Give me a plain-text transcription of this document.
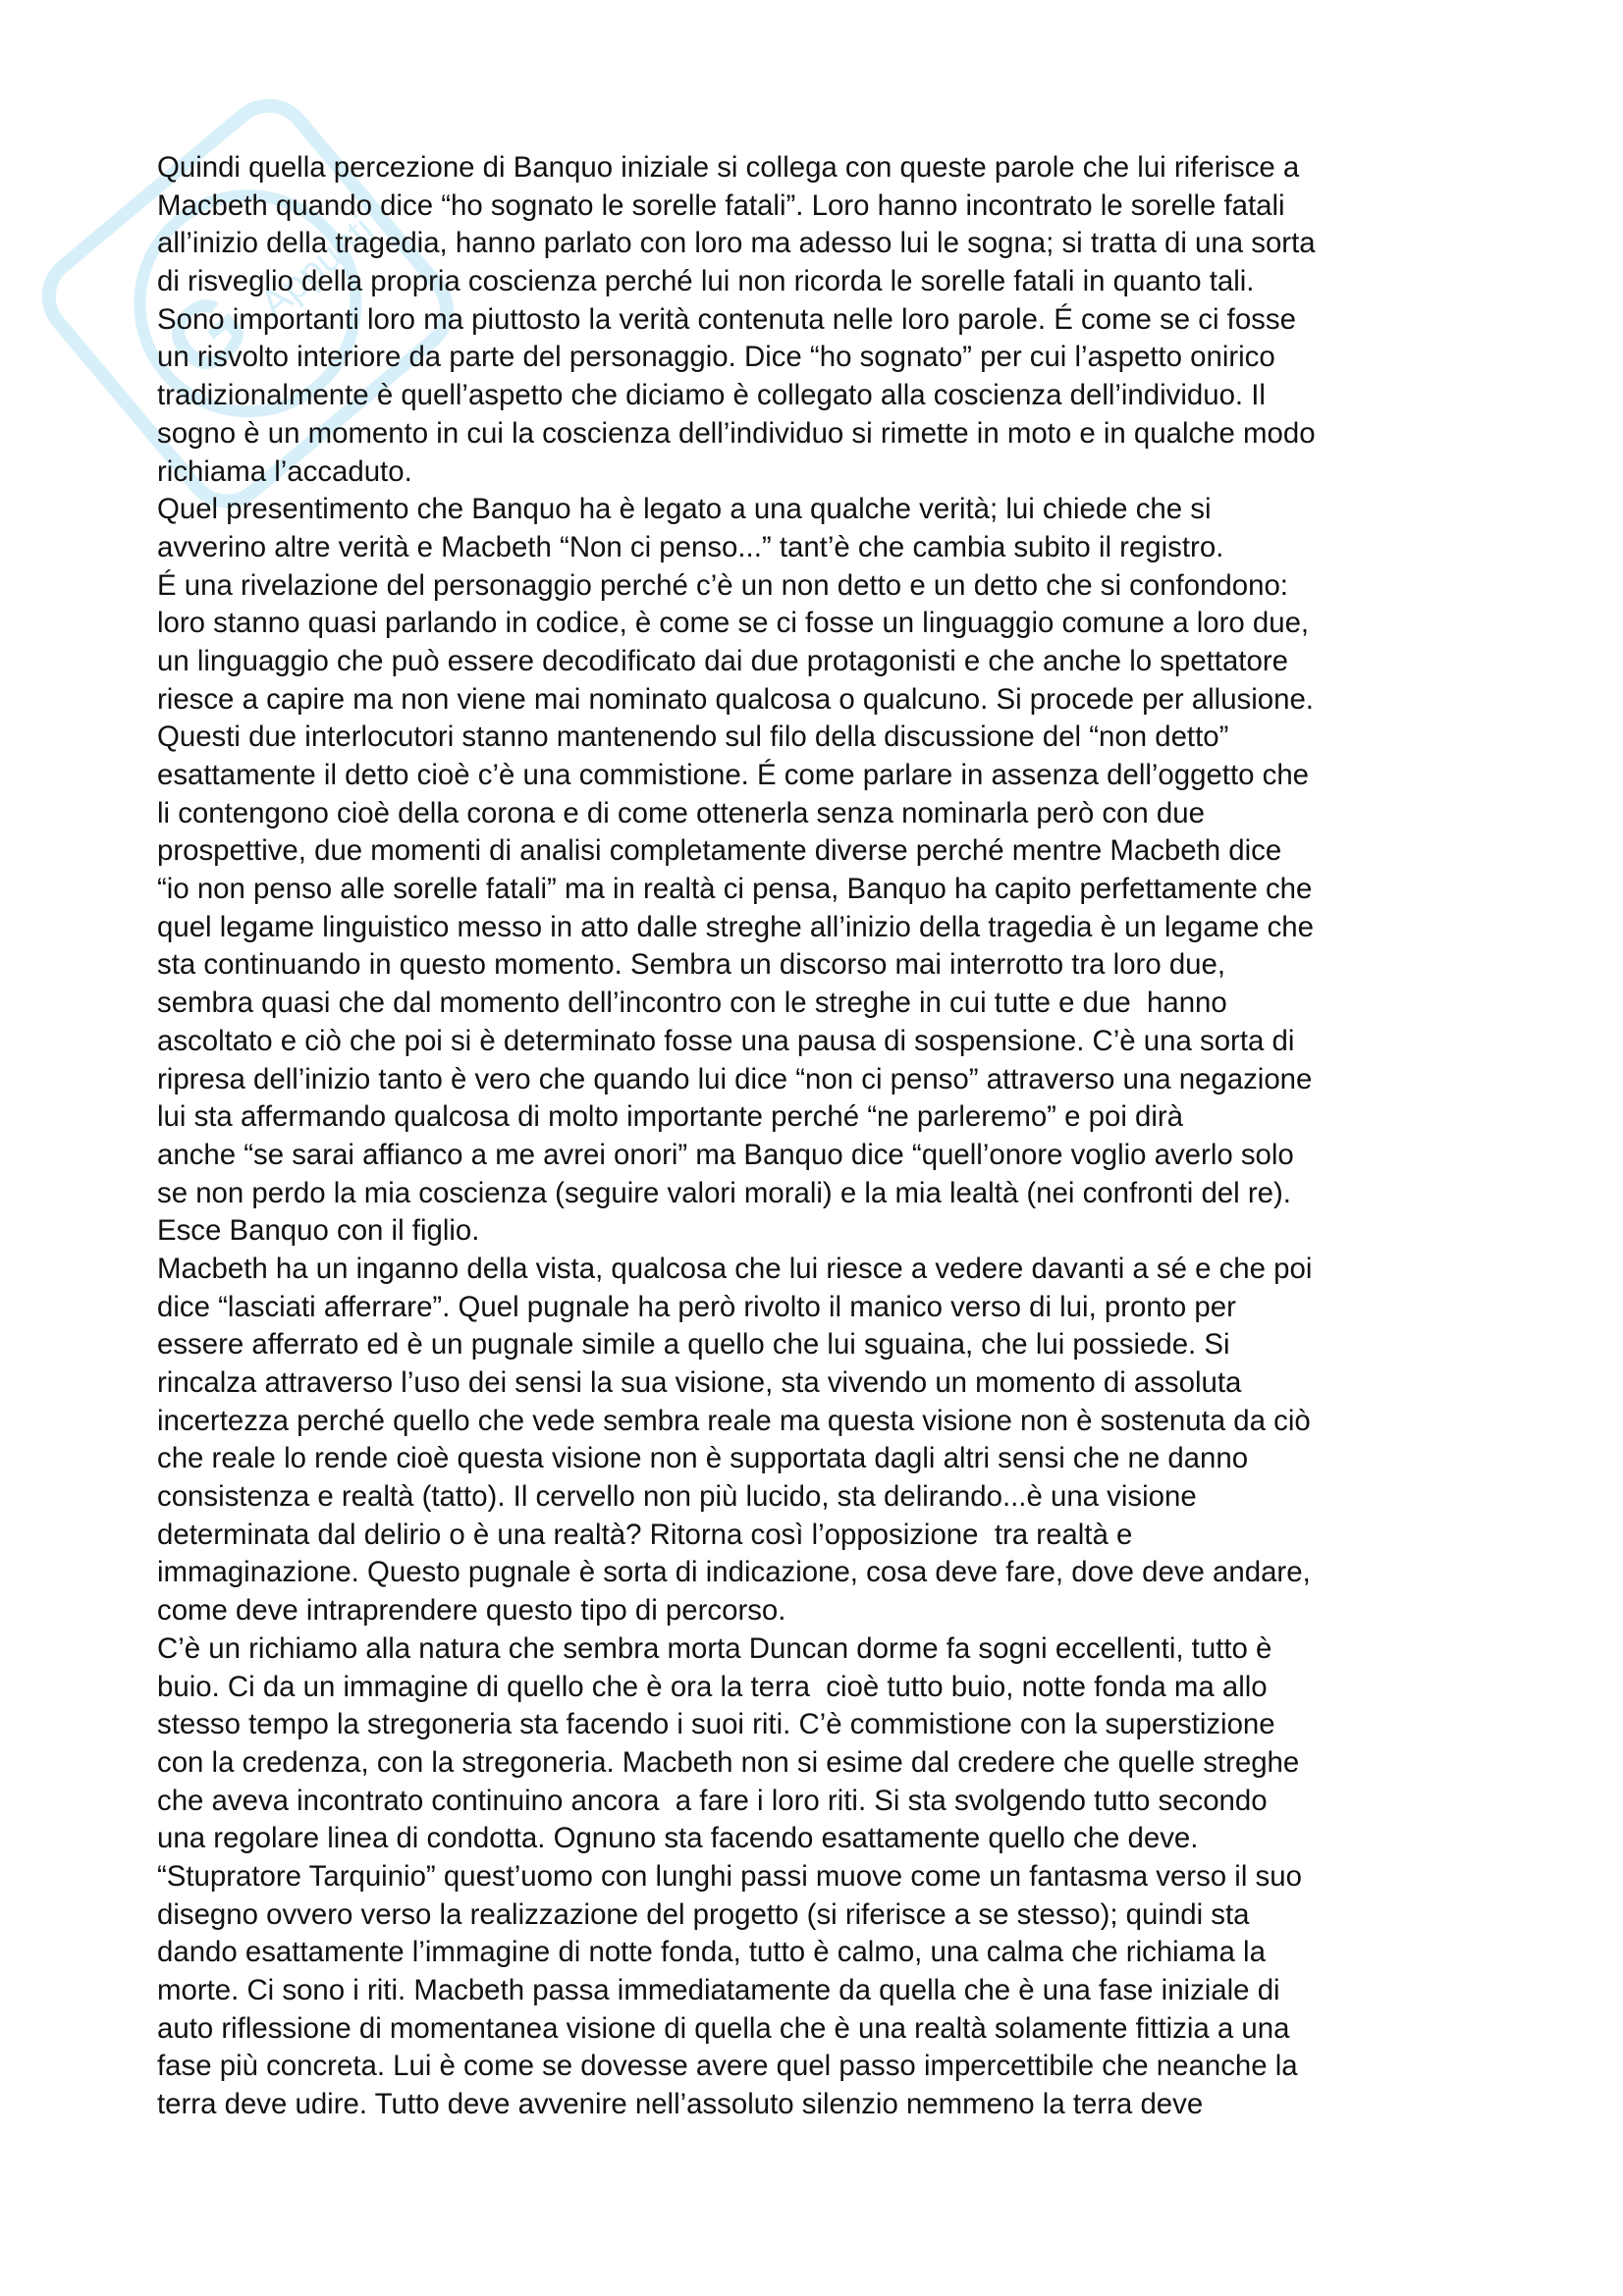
G
Appunti
Quindi quella percezione di Banquo iniziale si collega con queste parole che lui riferisce a
Macbeth quando dice “ho sognato le sorelle fatali”. Loro hanno incontrato le sorelle fatali
all’inizio della tragedia, hanno parlato con loro ma adesso lui le sogna; si tratta di una sorta
di risveglio della propria coscienza perché lui non ricorda le sorelle fatali in quanto tali.
Sono importanti loro ma piuttosto la verità contenuta nelle loro parole. É come se ci fosse
un risvolto interiore da parte del personaggio. Dice “ho sognato” per cui l’aspetto onirico
tradizionalmente è quell’aspetto che diciamo è collegato alla coscienza dell’individuo. Il
sogno è un momento in cui la coscienza dell’individuo si rimette in moto e in qualche modo
richiama l’accaduto.
Quel presentimento che Banquo ha è legato a una qualche verità; lui chiede che si
avverino altre verità e Macbeth “Non ci penso...” tant’è che cambia subito il registro.
É una rivelazione del personaggio perché c’è un non detto e un detto che si confondono:
loro stanno quasi parlando in codice, è come se ci fosse un linguaggio comune a loro due,
un linguaggio che può essere decodificato dai due protagonisti e che anche lo spettatore
riesce a capire ma non viene mai nominato qualcosa o qualcuno. Si procede per allusione.
Questi due interlocutori stanno mantenendo sul filo della discussione del “non detto”
esattamente il detto cioè c’è una commistione. É come parlare in assenza dell’oggetto che
li contengono cioè della corona e di come ottenerla senza nominarla però con due
prospettive, due momenti di analisi completamente diverse perché mentre Macbeth dice
“io non penso alle sorelle fatali” ma in realtà ci pensa, Banquo ha capito perfettamente che
quel legame linguistico messo in atto dalle streghe all’inizio della tragedia è un legame che
sta continuando in questo momento. Sembra un discorso mai interrotto tra loro due,
sembra quasi che dal momento dell’incontro con le streghe in cui tutte e due  hanno
ascoltato e ciò che poi si è determinato fosse una pausa di sospensione. C’è una sorta di
ripresa dell’inizio tanto è vero che quando lui dice “non ci penso” attraverso una negazione
lui sta affermando qualcosa di molto importante perché “ne parleremo” e poi dirà
anche “se sarai affianco a me avrei onori” ma Banquo dice “quell’onore voglio averlo solo
se non perdo la mia coscienza (seguire valori morali) e la mia lealtà (nei confronti del re).
Esce Banquo con il figlio.
Macbeth ha un inganno della vista, qualcosa che lui riesce a vedere davanti a sé e che poi
dice “lasciati afferrare”. Quel pugnale ha però rivolto il manico verso di lui, pronto per
essere afferrato ed è un pugnale simile a quello che lui sguaina, che lui possiede. Si
rincalza attraverso l’uso dei sensi la sua visione, sta vivendo un momento di assoluta
incertezza perché quello che vede sembra reale ma questa visione non è sostenuta da ciò
che reale lo rende cioè questa visione non è supportata dagli altri sensi che ne danno
consistenza e realtà (tatto). Il cervello non più lucido, sta delirando...è una visione
determinata dal delirio o è una realtà? Ritorna così l’opposizione  tra realtà e
immaginazione. Questo pugnale è sorta di indicazione, cosa deve fare, dove deve andare,
come deve intraprendere questo tipo di percorso.
C’è un richiamo alla natura che sembra morta Duncan dorme fa sogni eccellenti, tutto è
buio. Ci da un immagine di quello che è ora la terra  cioè tutto buio, notte fonda ma allo
stesso tempo la stregoneria sta facendo i suoi riti. C’è commistione con la superstizione
con la credenza, con la stregoneria. Macbeth non si esime dal credere che quelle streghe
che aveva incontrato continuino ancora  a fare i loro riti. Si sta svolgendo tutto secondo
una regolare linea di condotta. Ognuno sta facendo esattamente quello che deve.
“Stupratore Tarquinio” quest’uomo con lunghi passi muove come un fantasma verso il suo
disegno ovvero verso la realizzazione del progetto (si riferisce a se stesso); quindi sta
dando esattamente l’immagine di notte fonda, tutto è calmo, una calma che richiama la
morte. Ci sono i riti. Macbeth passa immediatamente da quella che è una fase iniziale di
auto riflessione di momentanea visione di quella che è una realtà solamente fittizia a una
fase più concreta. Lui è come se dovesse avere quel passo impercettibile che neanche la
terra deve udire. Tutto deve avvenire nell’assoluto silenzio nemmeno la terra deve
